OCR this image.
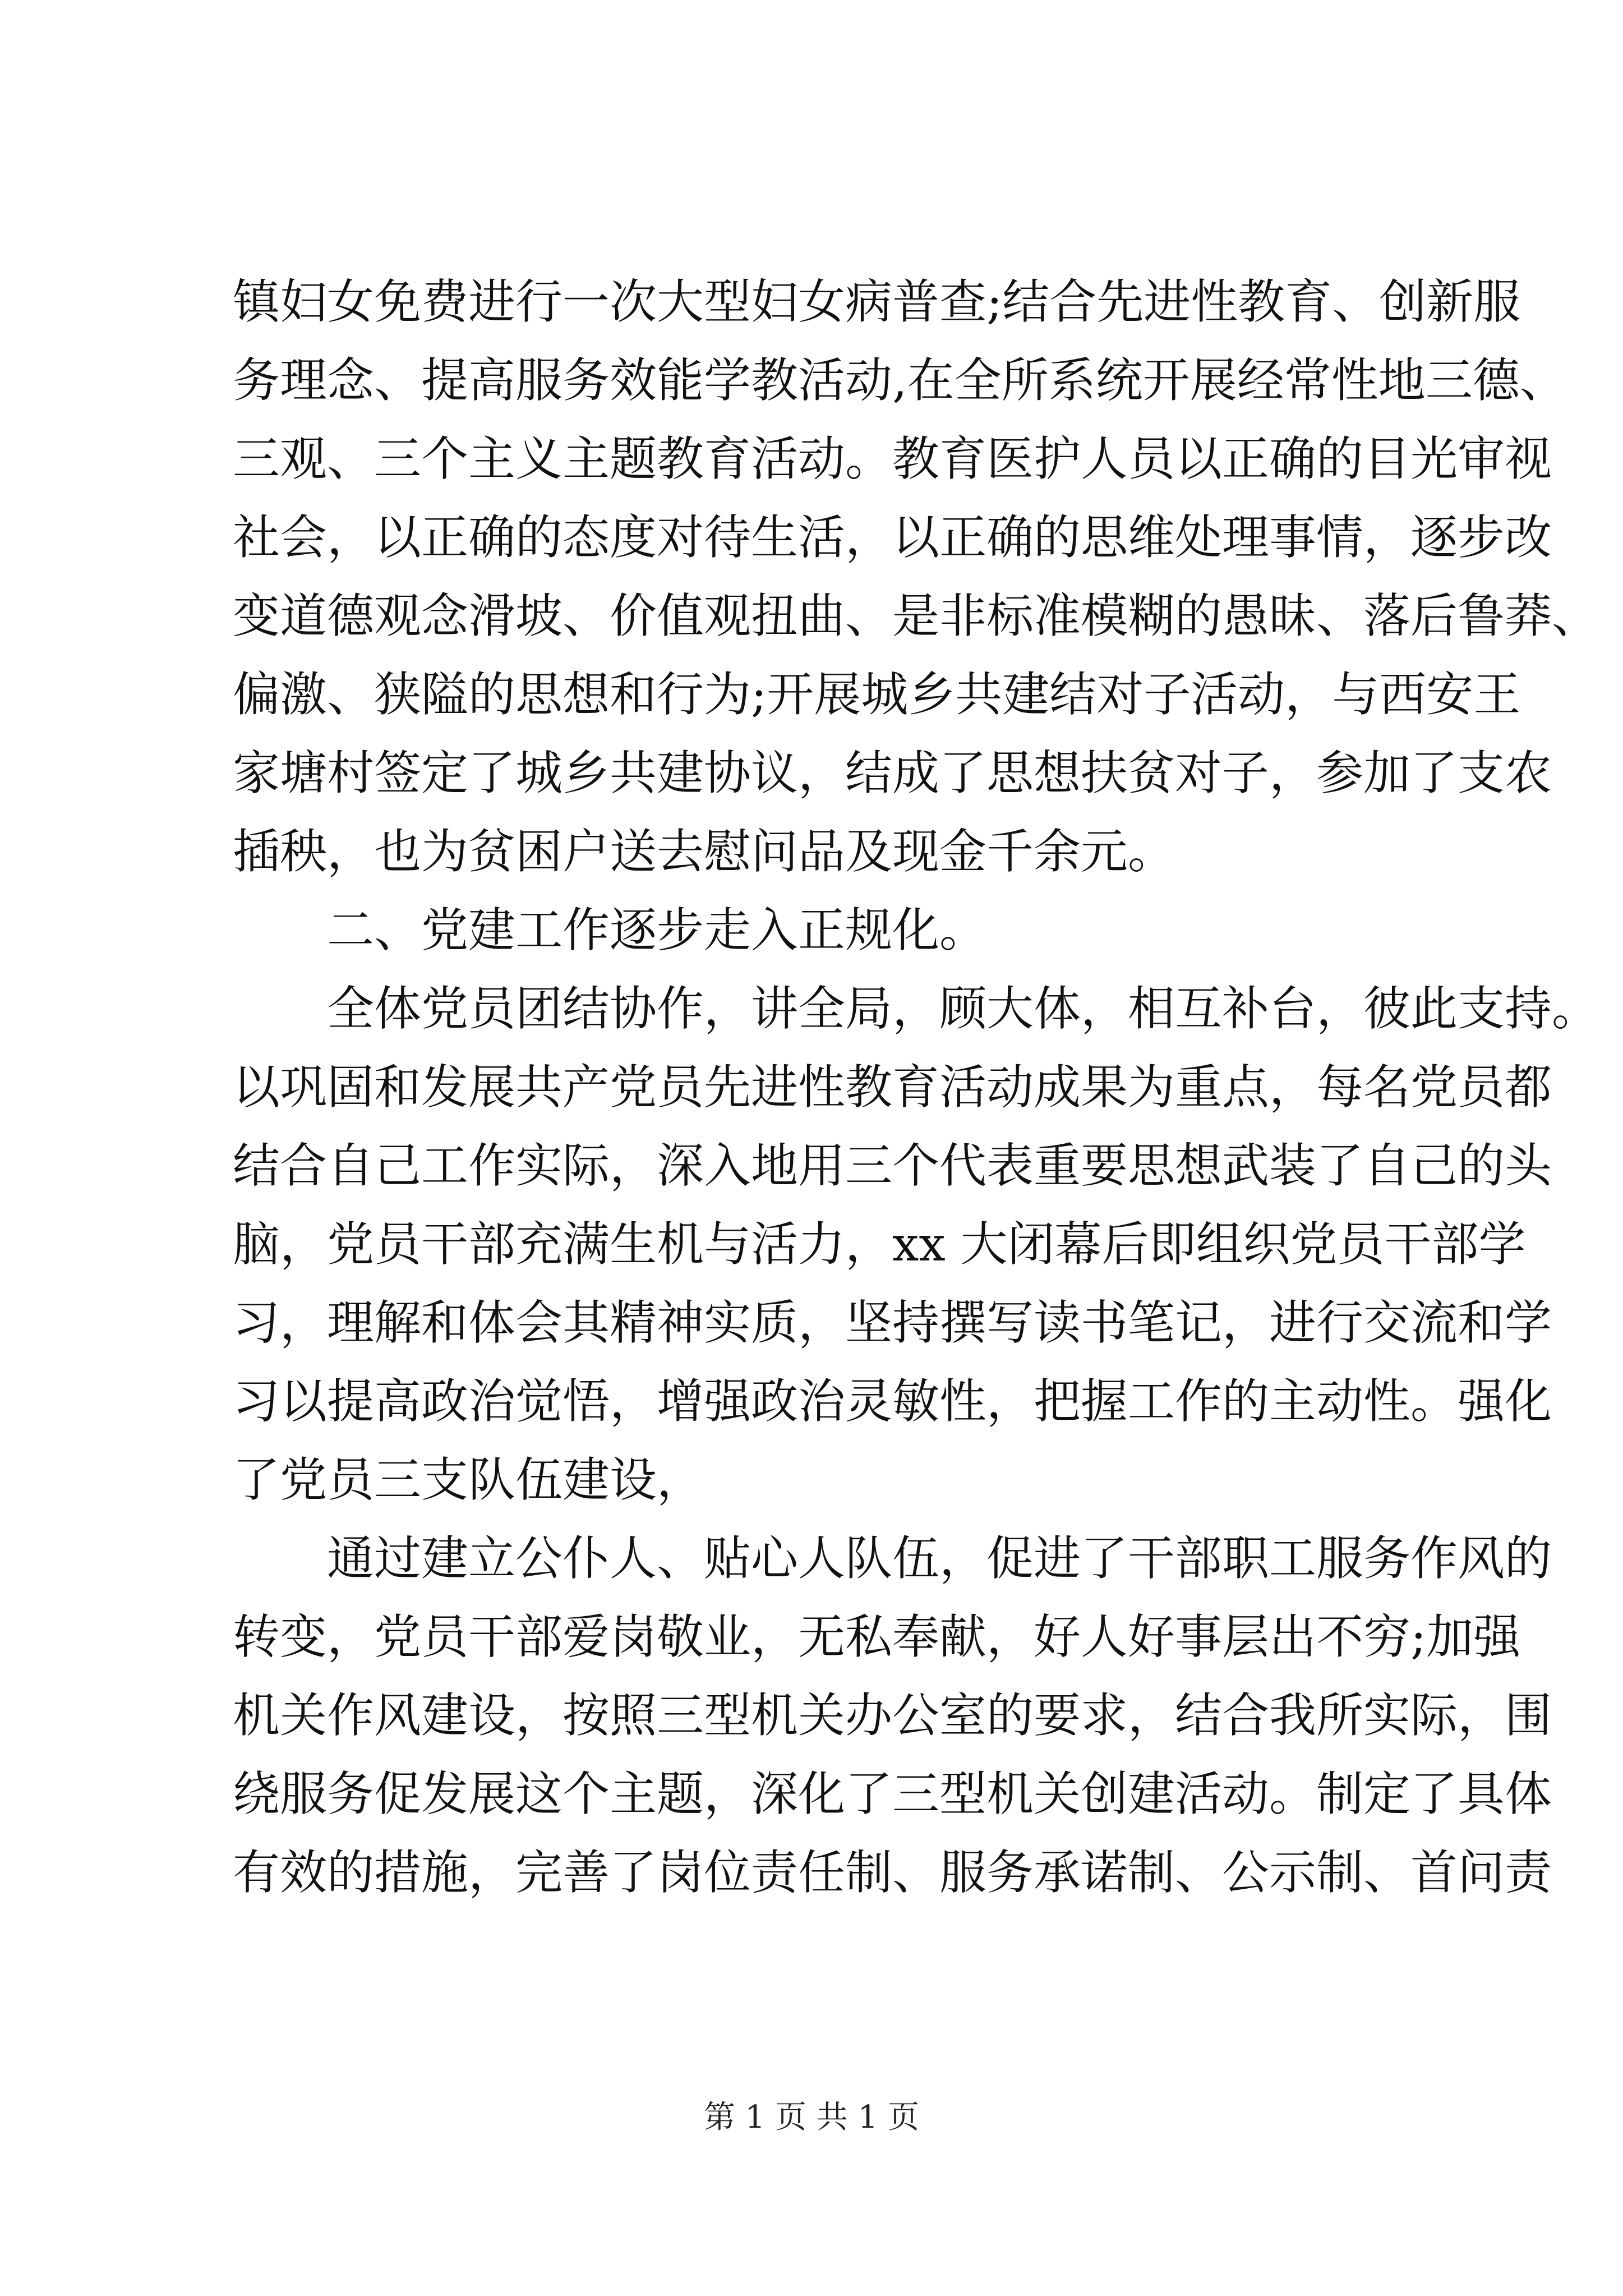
镇妇女免费进行一次大型妇女病普查;结合先进性教育、创新服
务理念、提高服务效能学教活动,在全所系统开展经常性地三德、
三观、三个主义主题教育活动。教育医护人员以正确的目光审视
社会，以正确的态度对待生活，以正确的思维处理事情，逐步改
变道德观念滑坡、价值观扭曲、是非标准模糊的愚昧、落后鲁莽、
偏激、狭隘的思想和行为;开展城乡共建结对子活动，与西安王
家塘村签定了城乡共建协议，结成了思想扶贫对子，参加了支农
插秧，也为贫困户送去慰问品及现金千余元。
二、党建工作逐步走入正规化。
全体党员团结协作，讲全局，顾大体，相互补台，彼此支持。
以巩固和发展共产党员先进性教育活动成果为重点，每名党员都
结合自己工作实际，深入地用三个代表重要思想武装了自己的头
脑，党员干部充满生机与活力，xx 大闭幕后即组织党员干部学
习，理解和体会其精神实质，坚持撰写读书笔记，进行交流和学
习以提高政治觉悟，增强政治灵敏性，把握工作的主动性。强化
了党员三支队伍建设，
通过建立公仆人、贴心人队伍，促进了干部职工服务作风的
转变，党员干部爱岗敬业，无私奉献，好人好事层出不穷;加强
机关作风建设，按照三型机关办公室的要求，结合我所实际，围
绕服务促发展这个主题，深化了三型机关创建活动。制定了具体
有效的措施，完善了岗位责任制、服务承诺制、公示制、首问责
第 1 页 共 1 页
